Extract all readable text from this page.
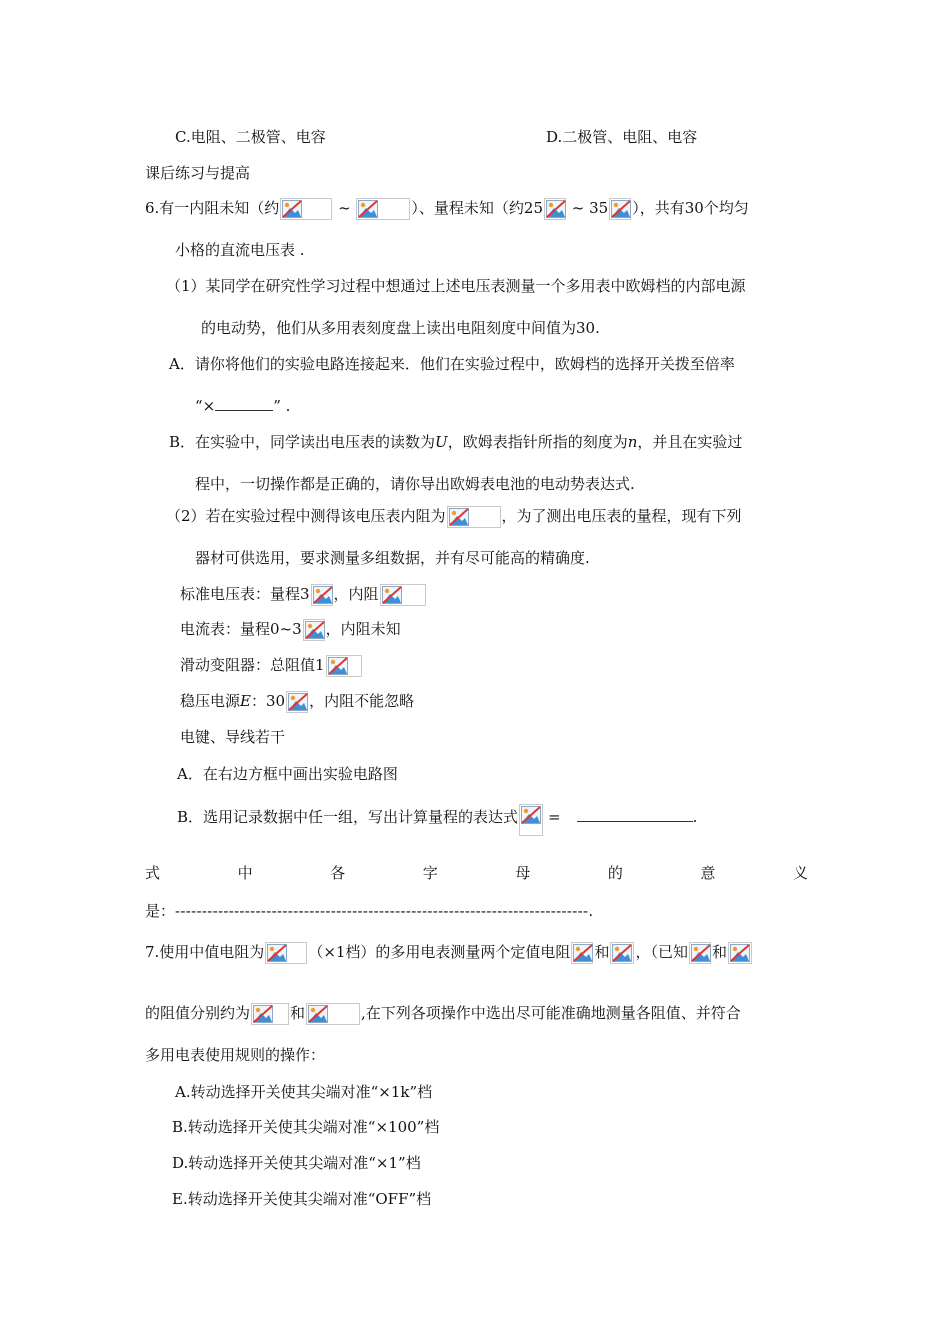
C.电阻、二极管、电容	D.二极管、电阻、电容
课后练习与提高
6.有一内阻未知（约	~	）、量程未知（约25
~ 35 ），共有30个均匀
小格的直流电压表 .
（1）某同学在研究性学习过程中想通过上述电压表测量一个多用表中欧姆档的内部电源
的电动势，他们从多用表刻度盘上读出电阻刻度中间值为30.
A．请你将他们的实验电路连接起来．他们在实验过程中，欧姆档的选择开关拨至倍率
“×	” .
B．在实验中，同学读出电压表的读数为U，欧姆表指针所指的刻度为n，并且在实验过
程中，一切操作都是正确的，请你导出欧姆表电池的电动势表达式.
（2）若在实验过程中测得该电压表内阻为	，为了测出电压表的量程，现有下列
器材可供选用，要求测量多组数据，并有尽可能高的精确度.
标准电压表：量程3 ，内阻
电流表：量程0~3 ，内阻未知
滑动变阻器：总阻值1
稳压电源E：30 ，内阻不能忽略
电键、导线若干
A．在右边方框中画出实验电路图
B．选用记录数据中任一组，写出计算量程的表达式 =	.
式	中	各	字	母	的	意	义
是：-----------------------------------------------------------------------------.
7.使用中值电阻为	（×1档）的多用电表测量两个定值电阻 和 ，（已知 和
的阻值分别约为	和	,在下列各项操作中选出尽可能准确地测量各阻值、并符合
多用电表使用规则的操作：
A.转动选择开关使其尖端对准“×1k”档
B.转动选择开关使其尖端对准“×100”档
D.转动选择开关使其尖端对准“×1”档
E.转动选择开关使其尖端对准“OFF”档
